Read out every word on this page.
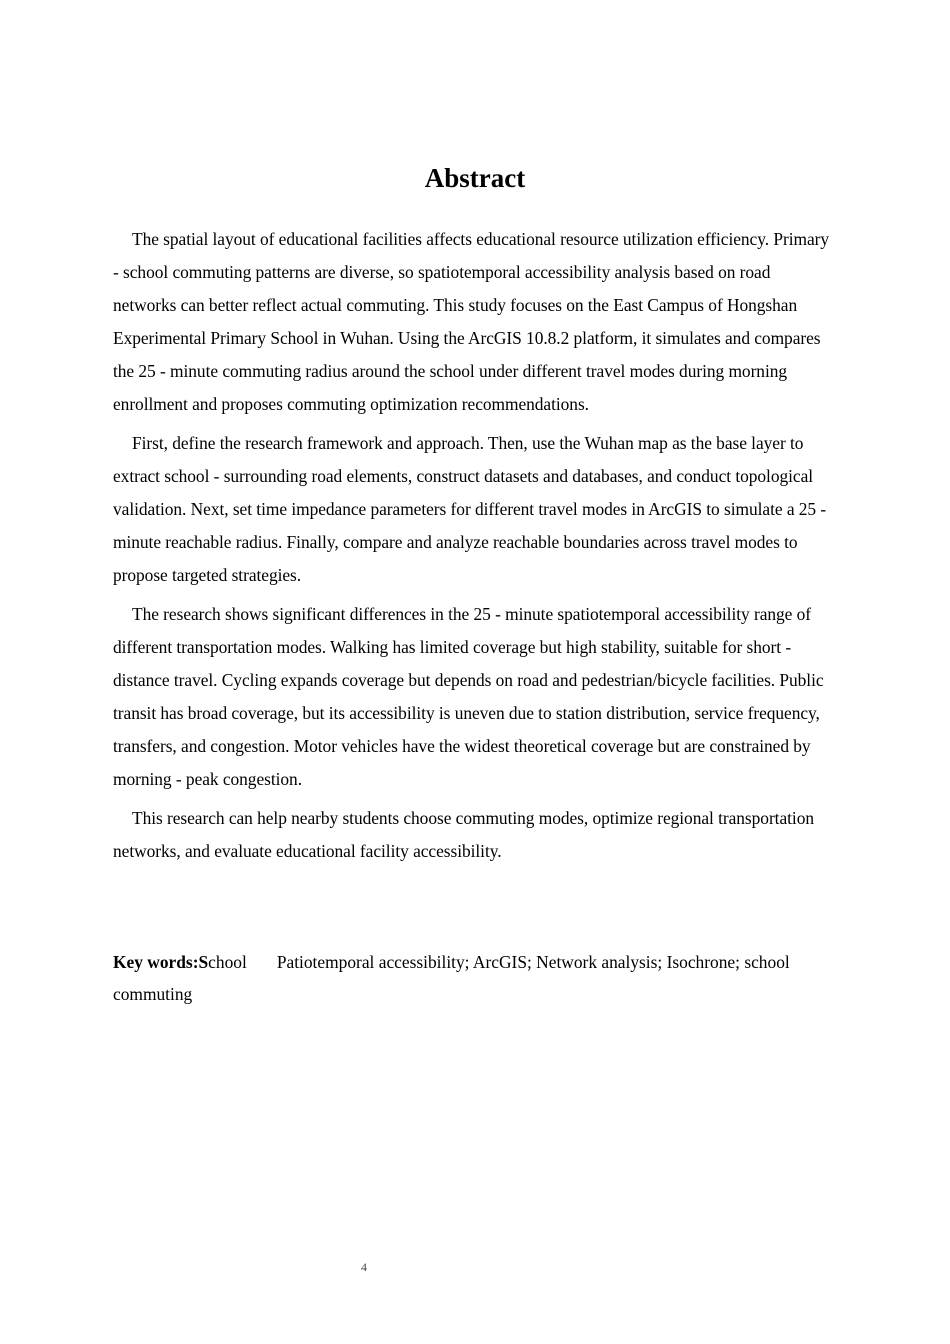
Abstract

The spatial layout of educational facilities affects educational resource utilization efficiency. Primary - school commuting patterns are diverse, so spatiotemporal accessibility analysis based on road networks can better reflect actual commuting. This study focuses on the East Campus of Hongshan Experimental Primary School in Wuhan. Using the ArcGIS 10.8.2 platform, it simulates and compares the 25 - minute commuting radius around the school under different travel modes during morning enrollment and proposes commuting optimization recommendations.

First, define the research framework and approach. Then, use the Wuhan map as the base layer to extract school - surrounding road elements, construct datasets and databases, and conduct topological validation. Next, set time impedance parameters for different travel modes in ArcGIS to simulate a 25 - minute reachable radius. Finally, compare and analyze reachable boundaries across travel modes to propose targeted strategies.

The research shows significant differences in the 25 - minute spatiotemporal accessibility range of different transportation modes. Walking has limited coverage but high stability, suitable for short - distance travel. Cycling expands coverage but depends on road and pedestrian/bicycle facilities. Public transit has broad coverage, but its accessibility is uneven due to station distribution, service frequency, transfers, and congestion. Motor vehicles have the widest theoretical coverage but are constrained by morning - peak congestion.

This research can help nearby students choose commuting modes, optimize regional transportation networks, and evaluate educational facility accessibility.

Key words:School Patiotemporal accessibility; ArcGIS; Network analysis; Isochrone; school commuting

4
